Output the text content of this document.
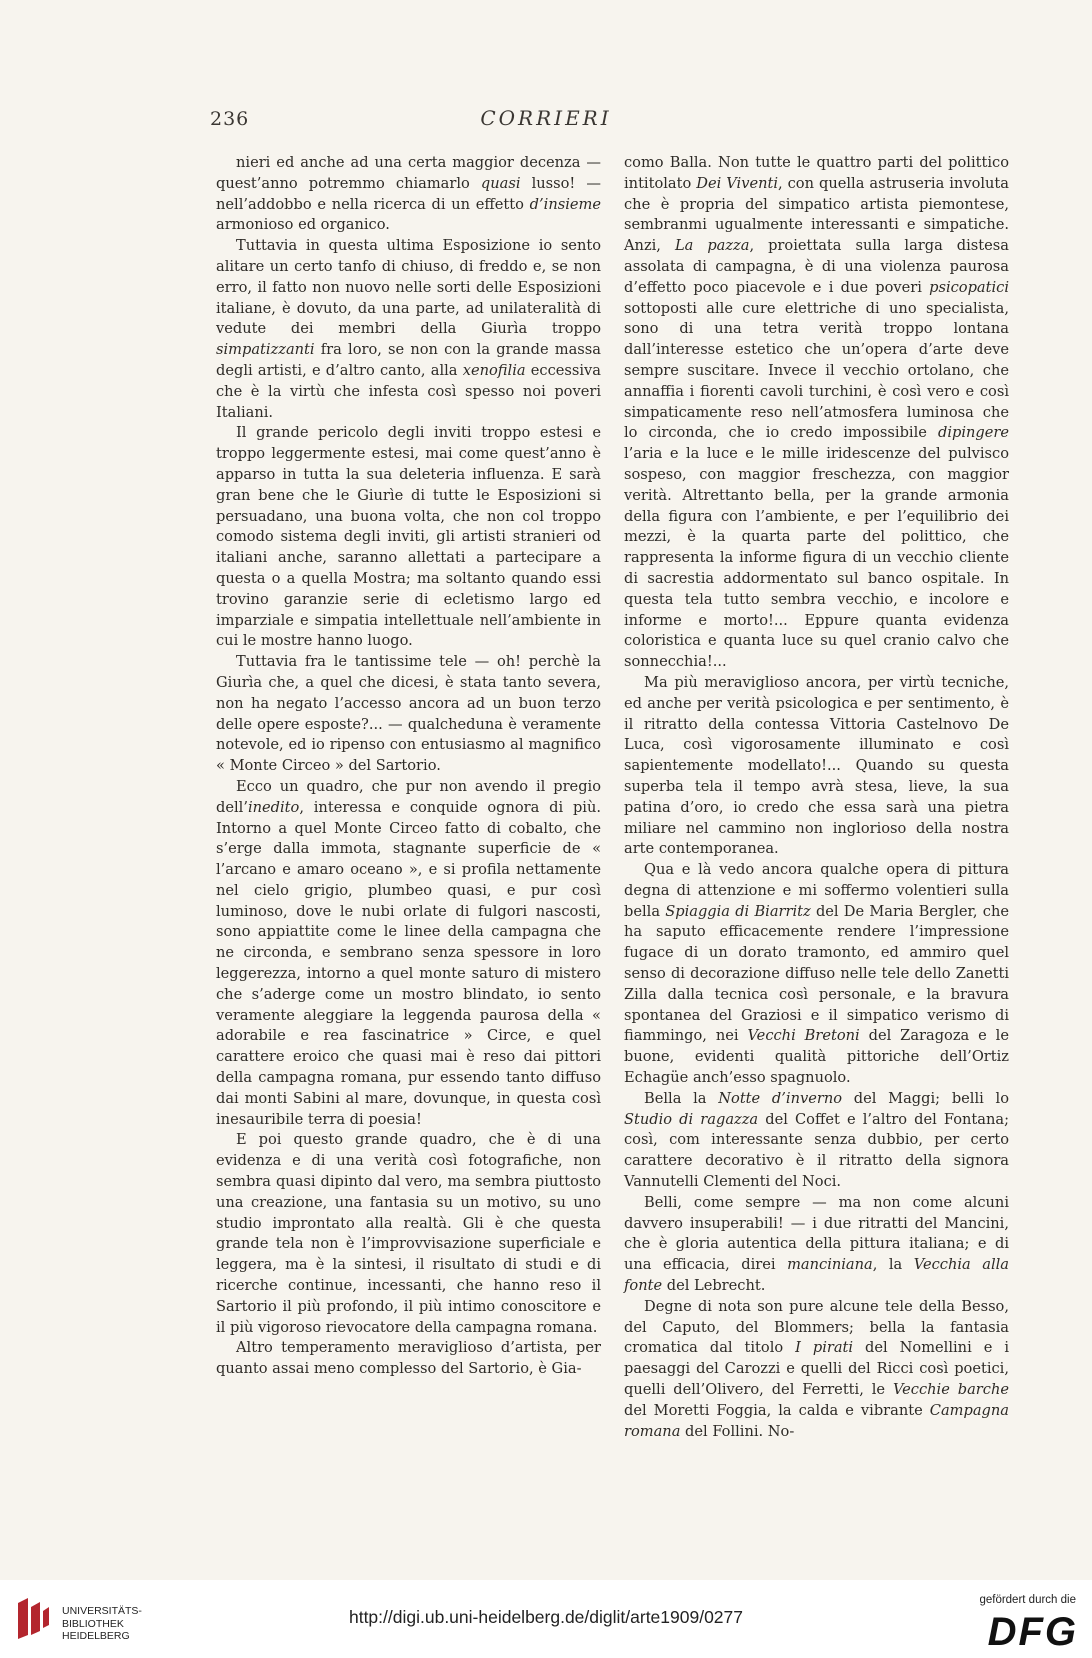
236	CORRIERI

nieri ed anche ad una certa maggior decenza — quest’anno potremmo chiamarlo quasi lusso! — nell’addobbo e nella ricerca di un effetto d’insieme armonioso ed organico.

Tuttavia in questa ultima Esposizione io sento alitare un certo tanfo di chiuso, di freddo e, se non erro, il fatto non nuovo nelle sorti delle Esposizioni italiane, è dovuto, da una parte, ad unilateralità di vedute dei membri della Giurìa troppo simpatizzanti fra loro, se non con la grande massa degli artisti, e d’altro canto, alla xenofilia eccessiva che è la virtù che infesta così spesso noi poveri Italiani.

Il grande pericolo degli inviti troppo estesi e troppo leggermente estesi, mai come quest’anno è apparso in tutta la sua deleteria influenza. E sarà gran bene che le Giurìe di tutte le Esposizioni si persuadano, una buona volta, che non col troppo comodo sistema degli inviti, gli artisti stranieri od italiani anche, saranno allettati a partecipare a questa o a quella Mostra; ma soltanto quando essi trovino garanzie serie di ecletismo largo ed imparziale e simpatia intellettuale nell’ambiente in cui le mostre hanno luogo.

Tuttavia fra le tantissime tele — oh! perchè la Giurìa che, a quel che dicesi, è stata tanto severa, non ha negato l’accesso ancora ad un buon terzo delle opere esposte?... — qualcheduna è veramente notevole, ed io ripenso con entusiasmo al magnifico « Monte Circeo » del Sartorio.

Ecco un quadro, che pur non avendo il pregio dell’inedito, interessa e conquide ognora di più. Intorno a quel Monte Circeo fatto di cobalto, che s’erge dalla immota, stagnante superficie de « l’arcano e amaro oceano », e si profila nettamente nel cielo grigio, plumbeo quasi, e pur così luminoso, dove le nubi orlate di fulgori nascosti, sono appiattite come le linee della campagna che ne circonda, e sembrano senza spessore in loro leggerezza, intorno a quel monte saturo di mistero che s’aderge come un mostro blindato, io sento veramente aleggiare la leggenda paurosa della « adorabile e rea fascinatrice » Circe, e quel carattere eroico che quasi mai è reso dai pittori della campagna romana, pur essendo tanto diffuso dai monti Sabini al mare, dovunque, in questa così inesauribile terra di poesia!

E poi questo grande quadro, che è di una evidenza e di una verità così fotografiche, non sembra quasi dipinto dal vero, ma sembra piuttosto una creazione, una fantasia su un motivo, su uno studio improntato alla realtà. Gli è che questa grande tela non è l’improvvisazione superficiale e leggera, ma è la sintesi, il risultato di studi e di ricerche continue, incessanti, che hanno reso il Sartorio il più profondo, il più intimo conoscitore e il più vigoroso rievocatore della campagna romana.

Altro temperamento meraviglioso d’artista, per quanto assai meno complesso del Sartorio, è Gia-

como Balla. Non tutte le quattro parti del polittico intitolato Dei Viventi, con quella astruseria involuta che è propria del simpatico artista piemontese, sembranmi ugualmente interessanti e simpatiche. Anzi, La pazza, proiettata sulla larga distesa assolata di campagna, è di una violenza paurosa d’effetto poco piacevole e i due poveri psicopatici sottoposti alle cure elettriche di uno specialista, sono di una tetra verità troppo lontana dall’interesse estetico che un’opera d’arte deve sempre suscitare. Invece il vecchio ortolano, che annaffia i fiorenti cavoli turchini, è così vero e così simpaticamente reso nell’atmosfera luminosa che lo circonda, che io credo impossibile dipingere l’aria e la luce e le mille iridescenze del pulvisco sospeso, con maggior freschezza, con maggior verità. Altrettanto bella, per la grande armonia della figura con l’ambiente, e per l’equilibrio dei mezzi, è la quarta parte del polittico, che rappresenta la informe figura di un vecchio cliente di sacrestia addormentato sul banco ospitale. In questa tela tutto sembra vecchio, e incolore e informe e morto!... Eppure quanta evidenza coloristica e quanta luce su quel cranio calvo che sonnecchia!...

Ma più meraviglioso ancora, per virtù tecniche, ed anche per verità psicologica e per sentimento, è il ritratto della contessa Vittoria Castelnovo De Luca, così vigorosamente illuminato e così sapientemente modellato!... Quando su questa superba tela il tempo avrà stesa, lieve, la sua patina d’oro, io credo che essa sarà una pietra miliare nel cammino non inglorioso della nostra arte contemporanea.

Qua e là vedo ancora qualche opera di pittura degna di attenzione e mi soffermo volentieri sulla bella Spiaggia di Biarritz del De Maria Bergler, che ha saputo efficacemente rendere l’impressione fugace di un dorato tramonto, ed ammiro quel senso di decorazione diffuso nelle tele dello Zanetti Zilla dalla tecnica così personale, e la bravura spontanea del Graziosi e il simpatico verismo di fiammingo, nei Vecchi Bretoni del Zaragoza e le buone, evidenti qualità pittoriche dell’Ortiz Echagüe anch’esso spagnuolo.

Bella la Notte d’inverno del Maggi; belli lo Studio di ragazza del Coffet e l’altro del Fontana; così, com interessante senza dubbio, per certo carattere decorativo è il ritratto della signora Vannutelli Clementi del Noci.

Belli, come sempre — ma non come alcuni davvero insuperabili! — i due ritratti del Mancini, che è gloria autentica della pittura italiana; e di una efficacia, direi manciniana, la Vecchia alla fonte del Lebrecht.

Degne di nota son pure alcune tele della Besso, del Caputo, del Blommers; bella la fantasia cromatica dal titolo I pirati del Nomellini e i paesaggi del Carozzi e quelli del Ricci così poetici, quelli dell’Olivero, del Ferretti, le Vecchie barche del Moretti Foggia, la calda e vibrante Campagna romana del Follini. No-

UNIVERSITÄTS-
BIBLIOTHEK
HEIDELBERG
http://digi.ub.uni-heidelberg.de/diglit/arte1909/0277
gefördert durch die
DFG
